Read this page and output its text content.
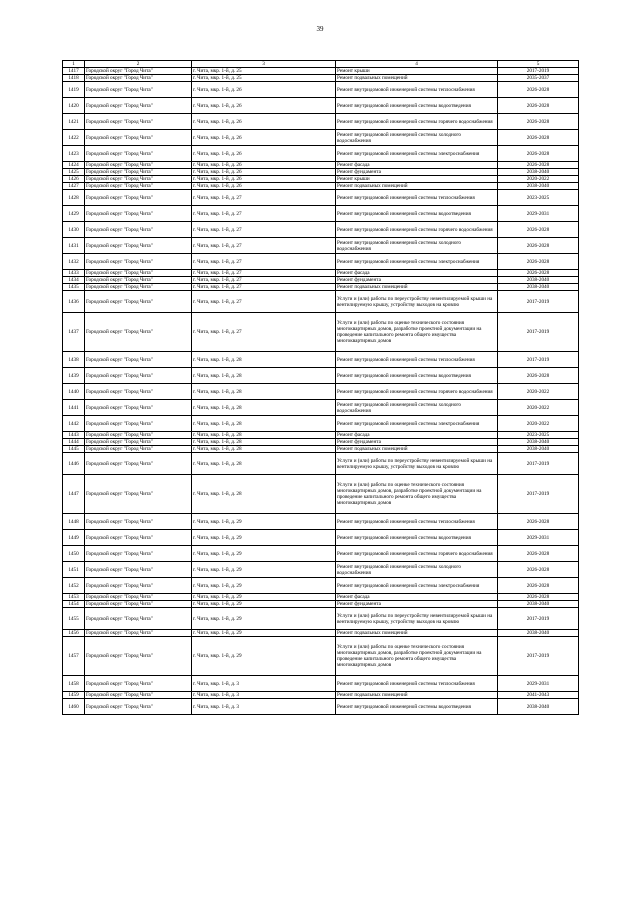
39
1	2	3	4	5
1417	Городской округ "Город Чита"	г. Чита, мкр. 1-й, д. 25	Ремонт крыши	2017-2019
1418	Городской округ "Город Чита"	г. Чита, мкр. 1-й, д. 25	Ремонт подвальных помещений	2035-2037
1419	Городской округ "Город Чита"	г. Чита, мкр. 1-й, д. 26	Ремонт внутридомовой инженерной системы теплоснабжения	2026-2028
1420	Городской округ "Город Чита"	г. Чита, мкр. 1-й, д. 26	Ремонт внутридомовой инженерной системы водоотведения	2026-2028
1421	Городской округ "Город Чита"	г. Чита, мкр. 1-й, д. 26	Ремонт внутридомовой инженерной системы горячего водоснабжения	2026-2028
1422	Городской округ "Город Чита"	г. Чита, мкр. 1-й, д. 26	Ремонт внутридомовой инженерной системы холодного водоснабжения	2026-2028
1423	Городской округ "Город Чита"	г. Чита, мкр. 1-й, д. 26	Ремонт внутридомовой инженерной системы электроснабжения	2026-2028
1424	Городской округ "Город Чита"	г. Чита, мкр. 1-й, д. 26	Ремонт фасада	2026-2028
1425	Городской округ "Город Чита"	г. Чита, мкр. 1-й, д. 26	Ремонт фундамента	2038-2040
1426	Городской округ "Город Чита"	г. Чита, мкр. 1-й, д. 26	Ремонт крыши	2020-2022
1427	Городской округ "Город Чита"	г. Чита, мкр. 1-й, д. 26	Ремонт подвальных помещений	2038-2040
1428	Городской округ "Город Чита"	г. Чита, мкр. 1-й, д. 27	Ремонт внутридомовой инженерной системы теплоснабжения	2023-2025
1429	Городской округ "Город Чита"	г. Чита, мкр. 1-й, д. 27	Ремонт внутридомовой инженерной системы водоотведения	2029-2031
1430	Городской округ "Город Чита"	г. Чита, мкр. 1-й, д. 27	Ремонт внутридомовой инженерной системы горячего водоснабжения	2026-2028
1431	Городской округ "Город Чита"	г. Чита, мкр. 1-й, д. 27	Ремонт внутридомовой инженерной системы холодного водоснабжения	2026-2028
1432	Городской округ "Город Чита"	г. Чита, мкр. 1-й, д. 27	Ремонт внутридомовой инженерной системы электроснабжения	2026-2028
1433	Городской округ "Город Чита"	г. Чита, мкр. 1-й, д. 27	Ремонт фасада	2026-2028
1434	Городской округ "Город Чита"	г. Чита, мкр. 1-й, д. 27	Ремонт фундамента	2038-2040
1435	Городской округ "Город Чита"	г. Чита, мкр. 1-й, д. 27	Ремонт подвальных помещений	2038-2040
1436	Городской округ "Город Чита"	г. Чита, мкр. 1-й, д. 27	Услуги и (или) работы по переустройству невентилируемой крыши на вентилируемую крышу, устройству выходов на кровлю	2017-2019
1437	Городской округ "Город Чита"	г. Чита, мкр. 1-й, д. 27	Услуги и (или) работы по оценке технического состояния многоквартирных домов, разработке проектной документации на проведение капитального ремонта общего имущества многоквартирных домов	2017-2019
1438	Городской округ "Город Чита"	г. Чита, мкр. 1-й, д. 28	Ремонт внутридомовой инженерной системы теплоснабжения	2017-2019
1439	Городской округ "Город Чита"	г. Чита, мкр. 1-й, д. 28	Ремонт внутридомовой инженерной системы водоотведения	2026-2028
1440	Городской округ "Город Чита"	г. Чита, мкр. 1-й, д. 28	Ремонт внутридомовой инженерной системы горячего водоснабжения	2020-2022
1441	Городской округ "Город Чита"	г. Чита, мкр. 1-й, д. 28	Ремонт внутридомовой инженерной системы холодного водоснабжения	2020-2022
1442	Городской округ "Город Чита"	г. Чита, мкр. 1-й, д. 28	Ремонт внутридомовой инженерной системы электроснабжения	2020-2022
1443	Городской округ "Город Чита"	г. Чита, мкр. 1-й, д. 28	Ремонт фасада	2023-2025
1444	Городской округ "Город Чита"	г. Чита, мкр. 1-й, д. 28	Ремонт фундамента	2038-2040
1445	Городской округ "Город Чита"	г. Чита, мкр. 1-й, д. 28	Ремонт подвальных помещений	2038-2040
1446	Городской округ "Город Чита"	г. Чита, мкр. 1-й, д. 28	Услуги и (или) работы по переустройству невентилируемой крыши на вентилируемую крышу, устройству выходов на кровлю	2017-2019
1447	Городской округ "Город Чита"	г. Чита, мкр. 1-й, д. 28	Услуги и (или) работы по оценке технического состояния многоквартирных домов, разработке проектной документации на проведение капитального ремонта общего имущества многоквартирных домов	2017-2019
1448	Городской округ "Город Чита"	г. Чита, мкр. 1-й, д. 29	Ремонт внутридомовой инженерной системы теплоснабжения	2026-2028
1449	Городской округ "Город Чита"	г. Чита, мкр. 1-й, д. 29	Ремонт внутридомовой инженерной системы водоотведения	2029-2031
1450	Городской округ "Город Чита"	г. Чита, мкр. 1-й, д. 29	Ремонт внутридомовой инженерной системы горячего водоснабжения	2026-2028
1451	Городской округ "Город Чита"	г. Чита, мкр. 1-й, д. 29	Ремонт внутридомовой инженерной системы холодного водоснабжения	2026-2028
1452	Городской округ "Город Чита"	г. Чита, мкр. 1-й, д. 29	Ремонт внутридомовой инженерной системы электроснабжения	2026-2028
1453	Городской округ "Город Чита"	г. Чита, мкр. 1-й, д. 29	Ремонт фасада	2026-2028
1454	Городской округ "Город Чита"	г. Чита, мкр. 1-й, д. 29	Ремонт фундамента	2038-2040
1455	Городской округ "Город Чита"	г. Чита, мкр. 1-й, д. 29	Услуги и (или) работы по переустройству невентилируемой крыши на вентилируемую крышу, устройству выходов на кровлю	2017-2019
1456	Городской округ "Город Чита"	г. Чита, мкр. 1-й, д. 29	Ремонт подвальных помещений	2038-2040
1457	Городской округ "Город Чита"	г. Чита, мкр. 1-й, д. 29	Услуги и (или) работы по оценке технического состояния многоквартирных домов, разработке проектной документации на проведение капитального ремонта общего имущества многоквартирных домов	2017-2019
1458	Городской округ "Город Чита"	г. Чита, мкр. 1-й, д. 3	Ремонт внутридомовой инженерной системы теплоснабжения	2029-2031
1459	Городской округ "Город Чита"	г. Чита, мкр. 1-й, д. 3	Ремонт подвальных помещений	2041-2043
1460	Городской округ "Город Чита"	г. Чита, мкр. 1-й, д. 3	Ремонт внутридомовой инженерной системы водоотведения	2038-2040
